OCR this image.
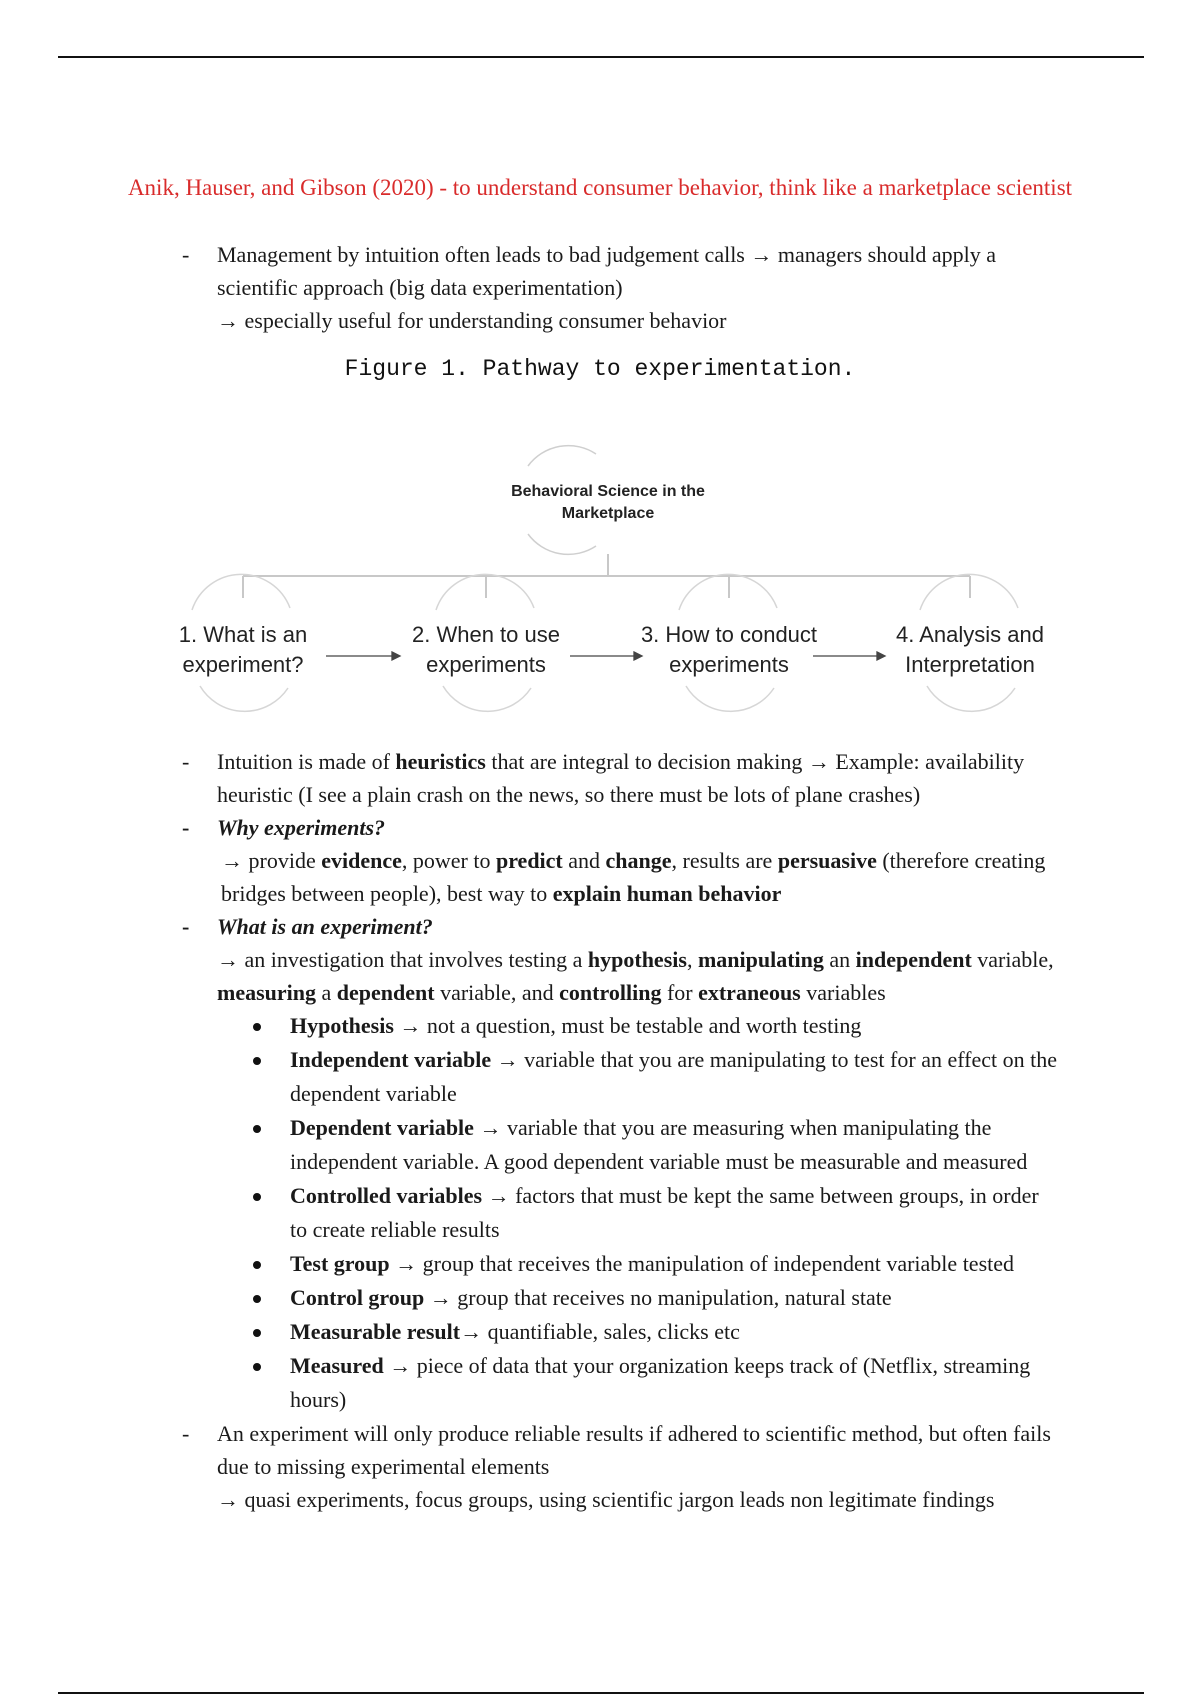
Anik, Hauser, and Gibson (2020) - to understand consumer behavior, think like a marketplace scientist
- Management by intuition often leads to bad judgement calls → managers should apply a scientific approach (big data experimentation)
→ especially useful for understanding consumer behavior
Figure 1. Pathway to experimentation.
Behavioral Science in the
Marketplace
1. What is an
experiment?
2. When to use
experiments
3. How to conduct
experiments
4. Analysis and
Interpretation
- Intuition is made of heuristics that are integral to decision making → Example: availability heuristic (I see a plain crash on the news, so there must be lots of plane crashes)
- Why experiments?
→ provide evidence, power to predict and change, results are persuasive (therefore creating bridges between people), best way to explain human behavior
- What is an experiment?
→ an investigation that involves testing a hypothesis, manipulating an independent variable, measuring a dependent variable, and controlling for extraneous variables
Hypothesis → not a question, must be testable and worth testing
Independent variable → variable that you are manipulating to test for an effect on the dependent variable
Dependent variable → variable that you are measuring when manipulating the independent variable. A good dependent variable must be measurable and measured
Controlled variables → factors that must be kept the same between groups, in order to create reliable results
Test group → group that receives the manipulation of independent variable tested
Control group → group that receives no manipulation, natural state
Measurable result→ quantifiable, sales, clicks etc
Measured → piece of data that your organization keeps track of (Netflix, streaming hours)
- An experiment will only produce reliable results if adhered to scientific method, but often fails due to missing experimental elements
→ quasi experiments, focus groups, using scientific jargon leads non legitimate findings
